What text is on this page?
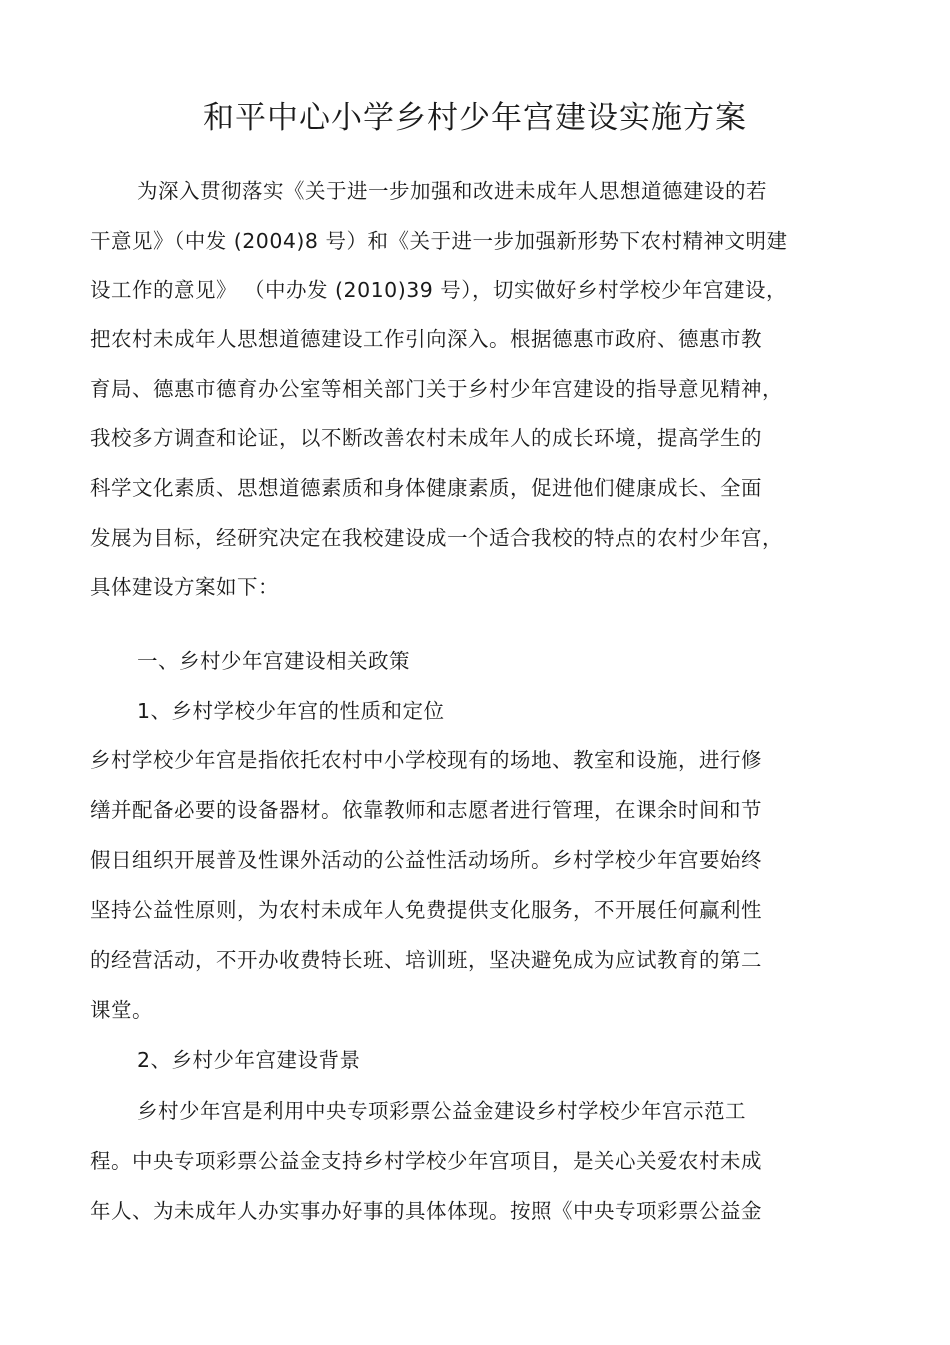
和平中心小学乡村少年宫建设实施方案
为深入贯彻落实《关于进一步加强和改进未成年人思想道德建设的若
干意见》（中发 (2004)8 号）和《关于进一步加强新形势下农村精神文明建
设工作的意见》 （中办发 (2010)39 号），切实做好乡村学校少年宫建设，
把农村未成年人思想道德建设工作引向深入。根据德惠市政府、德惠市教
育局、德惠市德育办公室等相关部门关于乡村少年宫建设的指导意见精神，
我校多方调查和论证，以不断改善农村未成年人的成长环境，提高学生的
科学文化素质、思想道德素质和身体健康素质，促进他们健康成长、全面
发展为目标，经研究决定在我校建设成一个适合我校的特点的农村少年宫，
具体建设方案如下：
一、乡村少年宫建设相关政策
1、乡村学校少年宫的性质和定位
乡村学校少年宫是指依托农村中小学校现有的场地、教室和设施，进行修
缮并配备必要的设备器材。依靠教师和志愿者进行管理，在课余时间和节
假日组织开展普及性课外活动的公益性活动场所。乡村学校少年宫要始终
坚持公益性原则，为农村未成年人免费提供支化服务，不开展任何赢利性
的经营活动，不开办收费特长班、培训班，坚决避免成为应试教育的第二
课堂。
2、乡村少年宫建设背景
乡村少年宫是利用中央专项彩票公益金建设乡村学校少年宫示范工
程。中央专项彩票公益金支持乡村学校少年宫项目，是关心关爱农村未成
年人、为未成年人办实事办好事的具体体现。按照《中央专项彩票公益金
